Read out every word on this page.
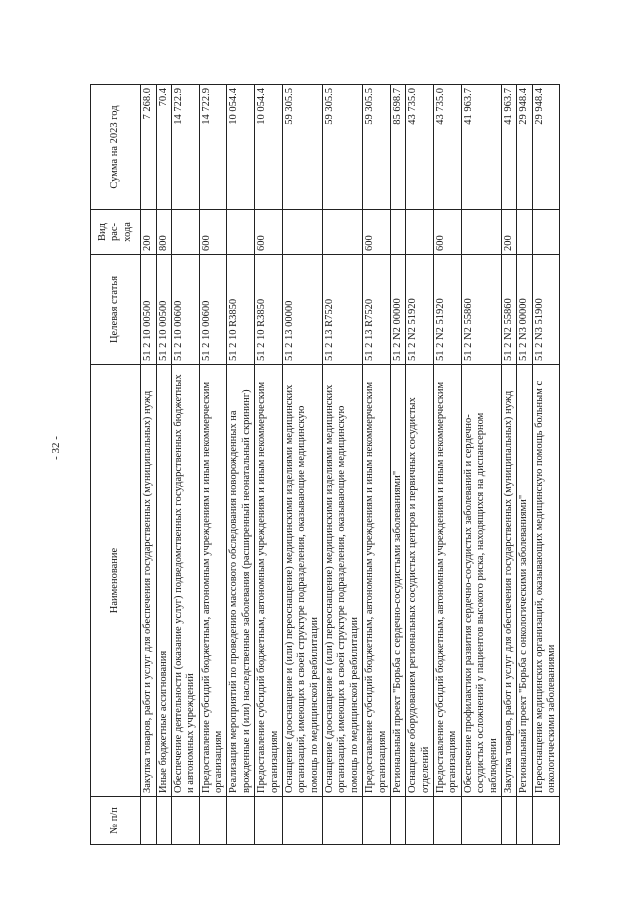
- 32 -
№ п/п	Наименование	Целевая статья	Вид рас- хода	Сумма на 2023 год
	Закупка товаров, работ и услуг для обеспечения государственных (муниципальных) нужд	51 2 10 00500	200	7 268.0
	Иные бюджетные ассигнования	51 2 10 00500	800	70.4
	Обеспечение деятельности (оказание услуг) подведомственных государственных бюджетных и автономных учреждений	51 2 10 00600		14 722.9
	Предоставление субсидий бюджетным, автономным учреждениям и иным некоммерческим организациям	51 2 10 00600	600	14 722.9
	Реализация мероприятий по проведению массового обследования новорожденных на врожденные и (или) наследственные заболевания (расширенный неонатальный скрининг)	51 2 10 R3850		10 054.4
	Предоставление субсидий бюджетным, автономным учреждениям и иным некоммерческим организациям	51 2 10 R3850	600	10 054.4
	Оснащение (дооснащение и (или) переоснащение) медицинскими изделиями медицинских организаций, имеющих в своей структуре подразделения, оказывающие медицинскую помощь по медицинской реабилитации	51 2 13 00000		59 305.5
	Оснащение (дооснащение и (или) переоснащение) медицинскими изделиями медицинских организаций, имеющих в своей структуре подразделения, оказывающие медицинскую помощь по медицинской реабилитации	51 2 13 R7520		59 305.5
	Предоставление субсидий бюджетным, автономным учреждениям и иным некоммерческим организациям	51 2 13 R7520	600	59 305.5
	Региональный проект "Борьба с сердечно-сосудистыми заболеваниями"	51 2 N2 00000		85 698.7
	Оснащение оборудованием региональных сосудистых центров и первичных сосудистых отделений	51 2 N2 51920		43 735.0
	Предоставление субсидий бюджетным, автономным учреждениям и иным некоммерческим организациям	51 2 N2 51920	600	43 735.0
	Обеспечение профилактики развития сердечно-сосудистых заболеваний и сердечно-сосудистых осложнений у пациентов высокого риска, находящихся на диспансерном наблюдении	51 2 N2 55860		41 963.7
	Закупка товаров, работ и услуг для обеспечения государственных (муниципальных) нужд	51 2 N2 55860	200	41 963.7
	Региональный проект "Борьба с онкологическими заболеваниями"	51 2 N3 00000		29 948.4
	Переоснащение медицинских организаций, оказывающих медицинскую помощь больным с онкологическими заболеваниями	51 2 N3 51900		29 948.4
